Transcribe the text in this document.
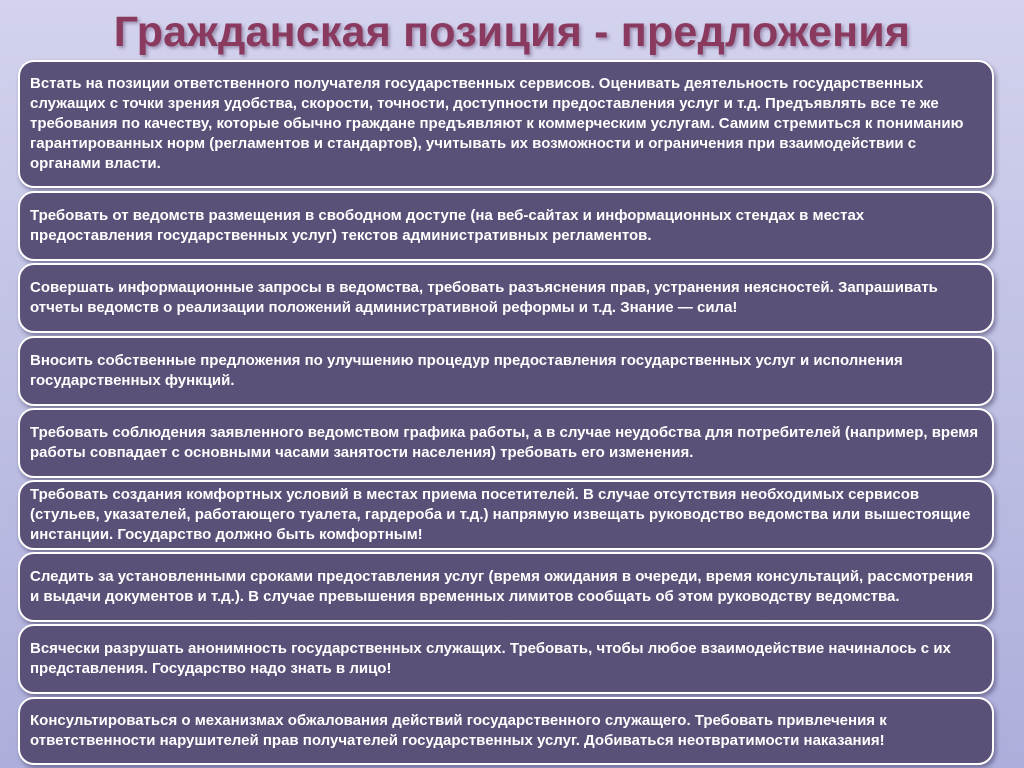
Гражданская позиция - предложения
Встать на позиции ответственного получателя государственных сервисов. Оценивать деятельность государственных служащих с точки зрения удобства, скорости, точности, доступности предоставления услуг и т.д. Предъявлять все те же требования по качеству, которые обычно граждане предъявляют к коммерческим услугам. Самим стремиться к пониманию гарантированных норм (регламентов и стандартов), учитывать их возможности и ограничения при взаимодействии с органами власти.
Требовать от ведомств размещения в свободном доступе (на веб-сайтах и информационных стендах в местах предоставления государственных услуг) текстов административных регламентов.
Совершать информационные запросы в ведомства, требовать разъяснения прав, устранения неясностей. Запрашивать отчеты ведомств о реализации положений административной реформы и т.д. Знание — сила!
Вносить собственные предложения по улучшению процедур предоставления государственных услуг и исполнения государственных функций.
Требовать соблюдения заявленного ведомством графика работы, а в случае неудобства для потребителей (например, время работы совпадает с основными часами занятости населения) требовать его изменения.
Требовать создания комфортных условий в местах приема посетителей. В случае отсутствия необходимых сервисов (стульев, указателей, работающего туалета, гардероба и т.д.) напрямую извещать руководство ведомства или вышестоящие инстанции. Государство должно быть комфортным!
Следить за установленными сроками предоставления услуг (время ожидания в очереди, время консультаций, рассмотрения и выдачи документов и т.д.). В случае превышения временных лимитов сообщать об этом руководству ведомства.
Всячески разрушать анонимность государственных служащих. Требовать, чтобы любое взаимодействие начиналось с их представления. Государство надо знать в лицо!
Консультироваться о механизмах обжалования действий государственного служащего. Требовать привлечения к ответственности нарушителей прав получателей государственных услуг. Добиваться неотвратимости наказания!
